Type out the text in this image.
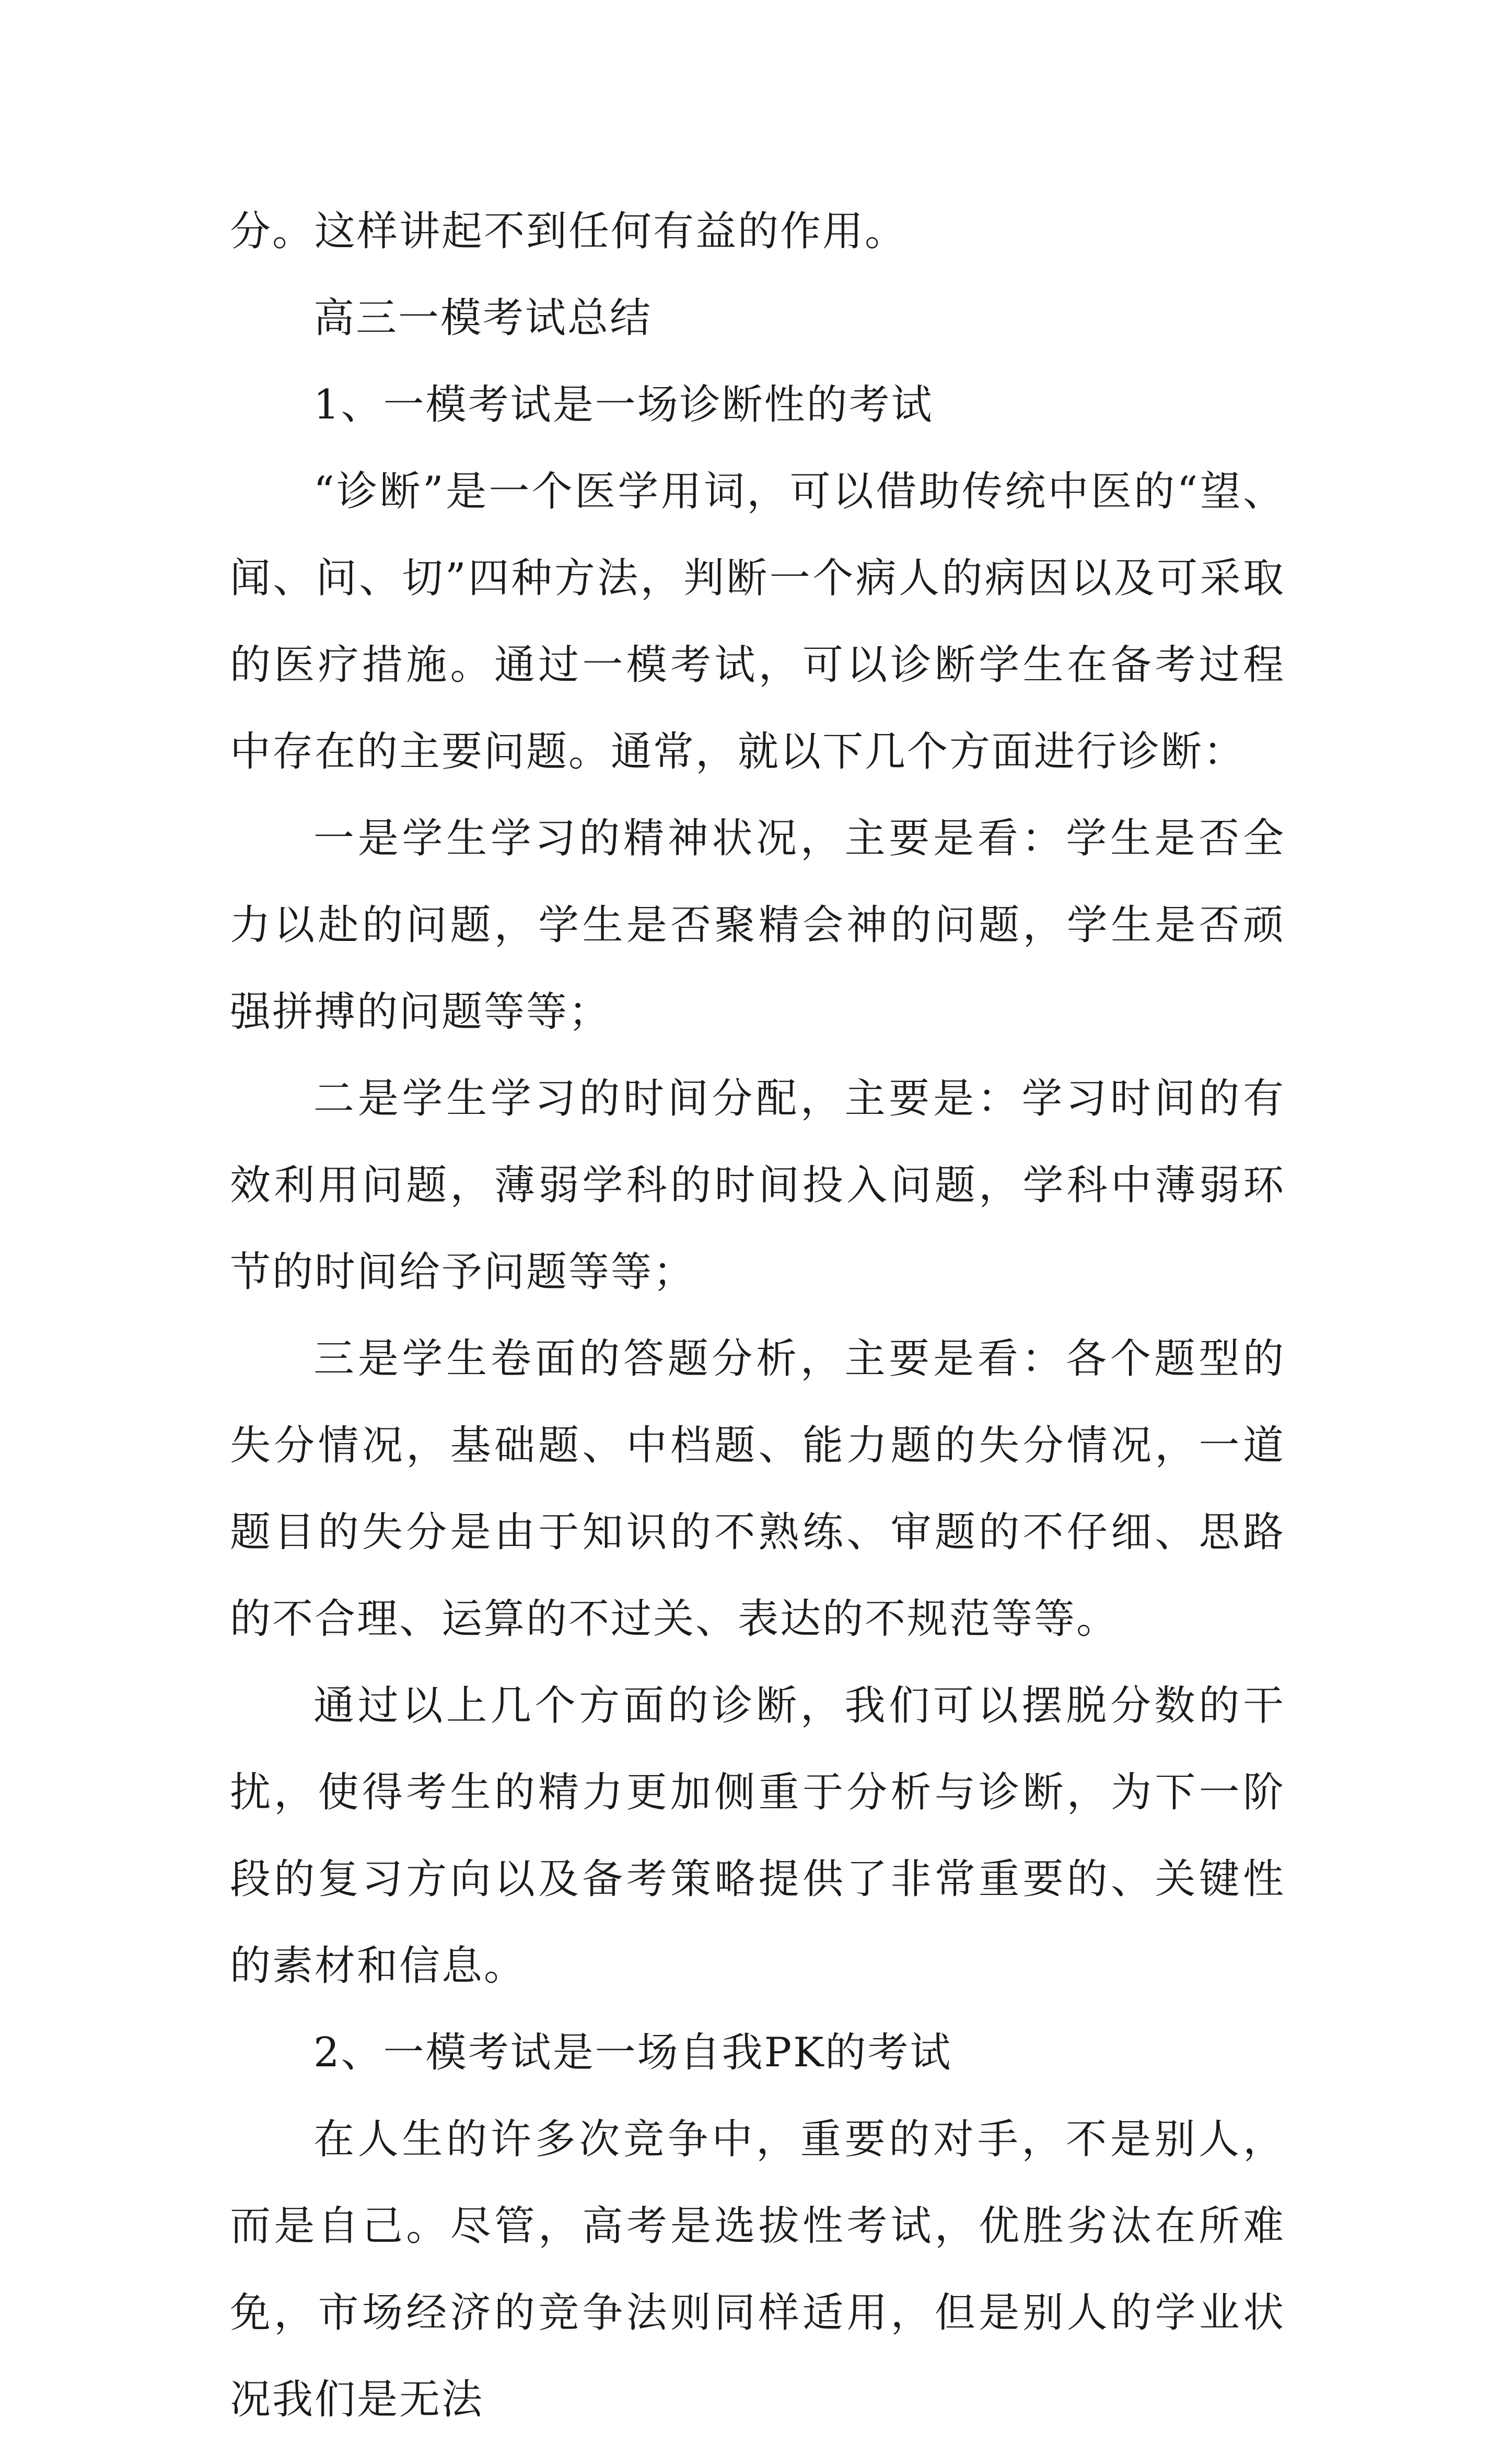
分。这样讲起不到任何有益的作用。

高三一模考试总结

1、一模考试是一场诊断性的考试

“诊断”是一个医学用词，可以借助传统中医的“望、闻、问、切”四种方法，判断一个病人的病因以及可采取的医疗措施。通过一模考试，可以诊断学生在备考过程中存在的主要问题。通常，就以下几个方面进行诊断：

一是学生学习的精神状况，主要是看：学生是否全力以赴的问题，学生是否聚精会神的问题，学生是否顽强拼搏的问题等等；

二是学生学习的时间分配，主要是：学习时间的有效利用问题，薄弱学科的时间投入问题，学科中薄弱环节的时间给予问题等等；

三是学生卷面的答题分析，主要是看：各个题型的失分情况，基础题、中档题、能力题的失分情况，一道题目的失分是由于知识的不熟练、审题的不仔细、思路的不合理、运算的不过关、表达的不规范等等。

通过以上几个方面的诊断，我们可以摆脱分数的干扰，使得考生的精力更加侧重于分析与诊断，为下一阶段的复习方向以及备考策略提供了非常重要的、关键性的素材和信息。

2、一模考试是一场自我PK的考试

在人生的许多次竞争中，重要的对手，不是别人，而是自己。尽管，高考是选拔性考试，优胜劣汰在所难免，市场经济的竞争法则同样适用，但是别人的学业状况我们是无法
